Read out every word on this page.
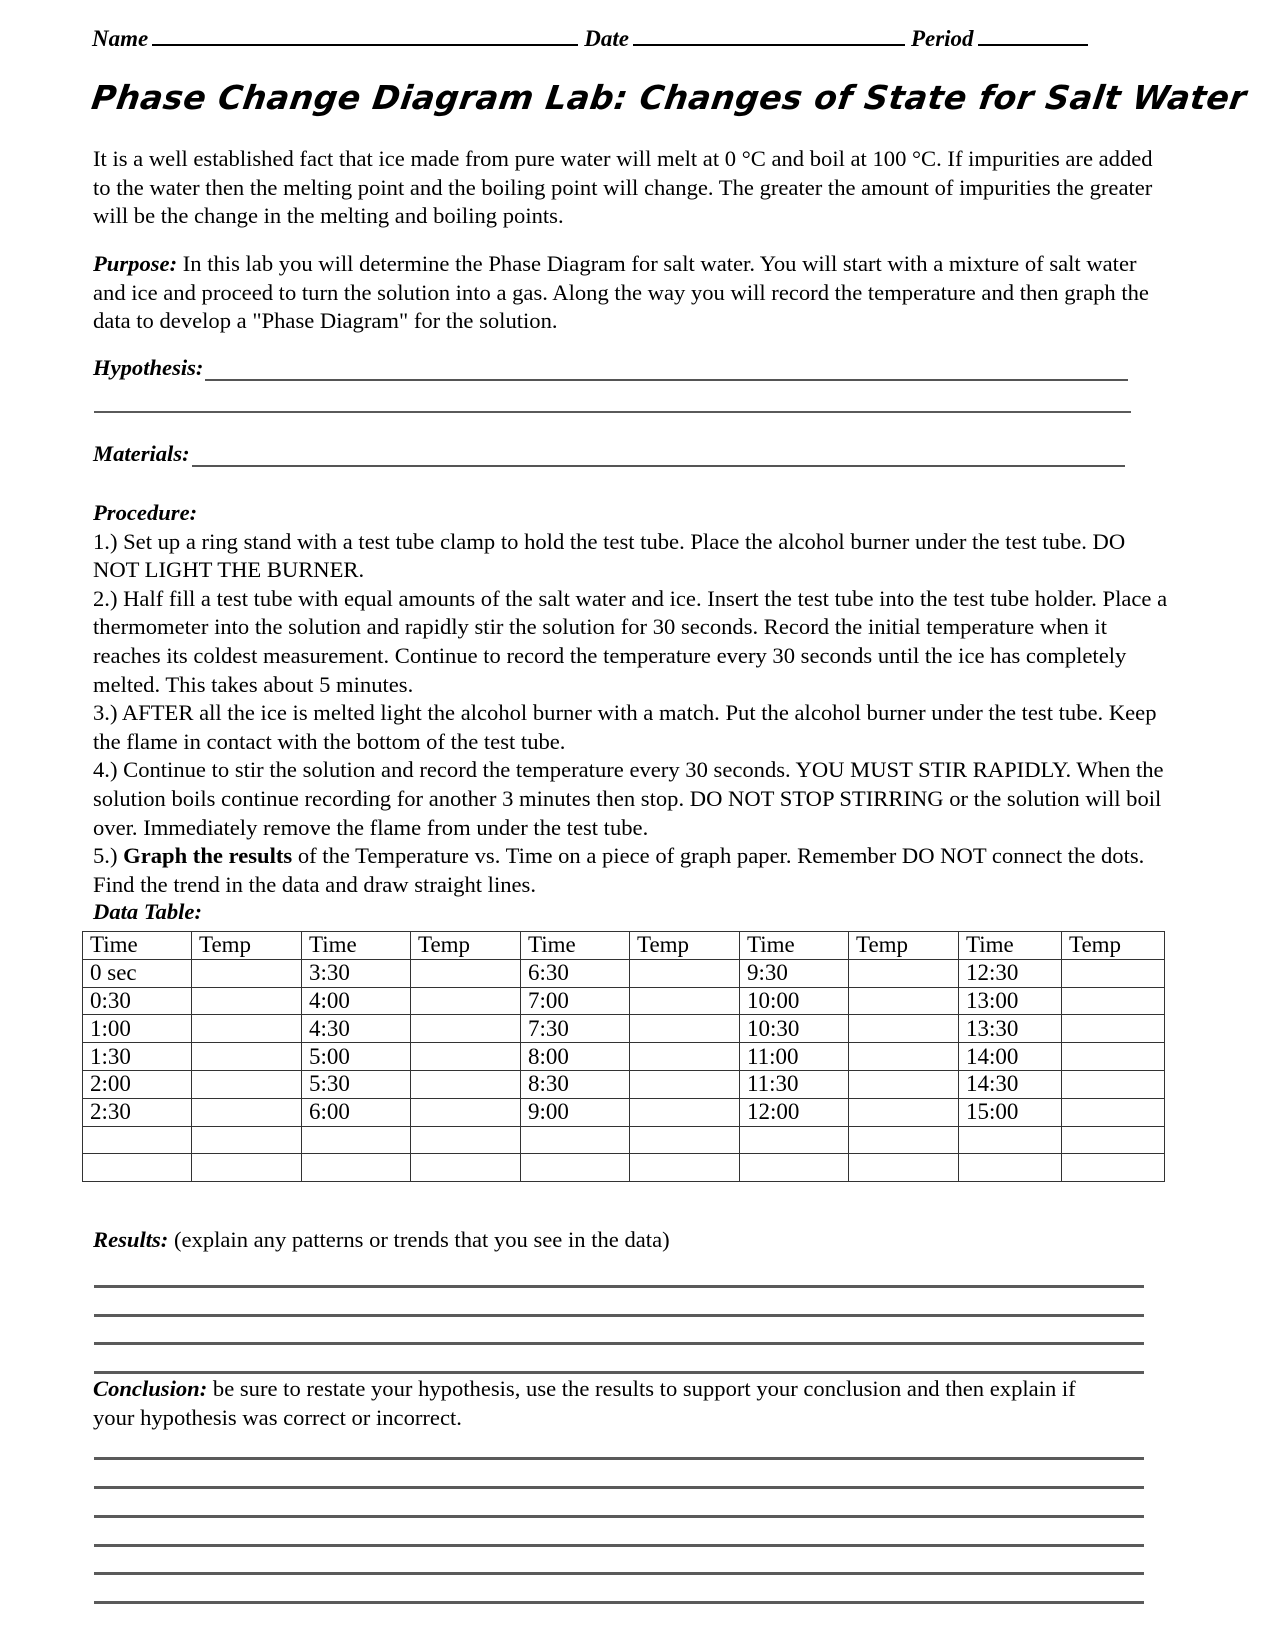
Name	Date	Period
Phase Change Diagram Lab: Changes of State for Salt Water
It is a well established fact that ice made from pure water will melt at 0 °C and boil at 100 °C. If impurities are added to the water then the melting point and the boiling point will change. The greater the amount of impurities the greater will be the change in the melting and boiling points.
Purpose: In this lab you will determine the Phase Diagram for salt water. You will start with a mixture of salt water and ice and proceed to turn the solution into a gas. Along the way you will record the temperature and then graph the data to develop a "Phase Diagram" for the solution.
Hypothesis:
Materials:
Procedure:
1.) Set up a ring stand with a test tube clamp to hold the test tube. Place the alcohol burner under the test tube. DO NOT LIGHT THE BURNER.
2.) Half fill a test tube with equal amounts of the salt water and ice. Insert the test tube into the test tube holder. Place a thermometer into the solution and rapidly stir the solution for 30 seconds. Record the initial temperature when it reaches its coldest measurement. Continue to record the temperature every 30 seconds until the ice has completely melted. This takes about 5 minutes.
3.) AFTER all the ice is melted light the alcohol burner with a match. Put the alcohol burner under the test tube. Keep the flame in contact with the bottom of the test tube.
4.) Continue to stir the solution and record the temperature every 30 seconds. YOU MUST STIR RAPIDLY. When the solution boils continue recording for another 3 minutes then stop. DO NOT STOP STIRRING or the solution will boil over. Immediately remove the flame from under the test tube.
5.) Graph the results of the Temperature vs. Time on a piece of graph paper. Remember DO NOT connect the dots. Find the trend in the data and draw straight lines.
Data Table:
Time	Temp	Time	Temp	Time	Temp	Time	Temp	Time	Temp
0 sec		3:30		6:30		9:30		12:30	
0:30		4:00		7:00		10:00		13:00	
1:00		4:30		7:30		10:30		13:30	
1:30		5:00		8:00		11:00		14:00	
2:00		5:30		8:30		11:30		14:30	
2:30		6:00		9:00		12:00		15:00	

Results: (explain any patterns or trends that you see in the data)
Conclusion: be sure to restate your hypothesis, use the results to support your conclusion and then explain if your hypothesis was correct or incorrect.
